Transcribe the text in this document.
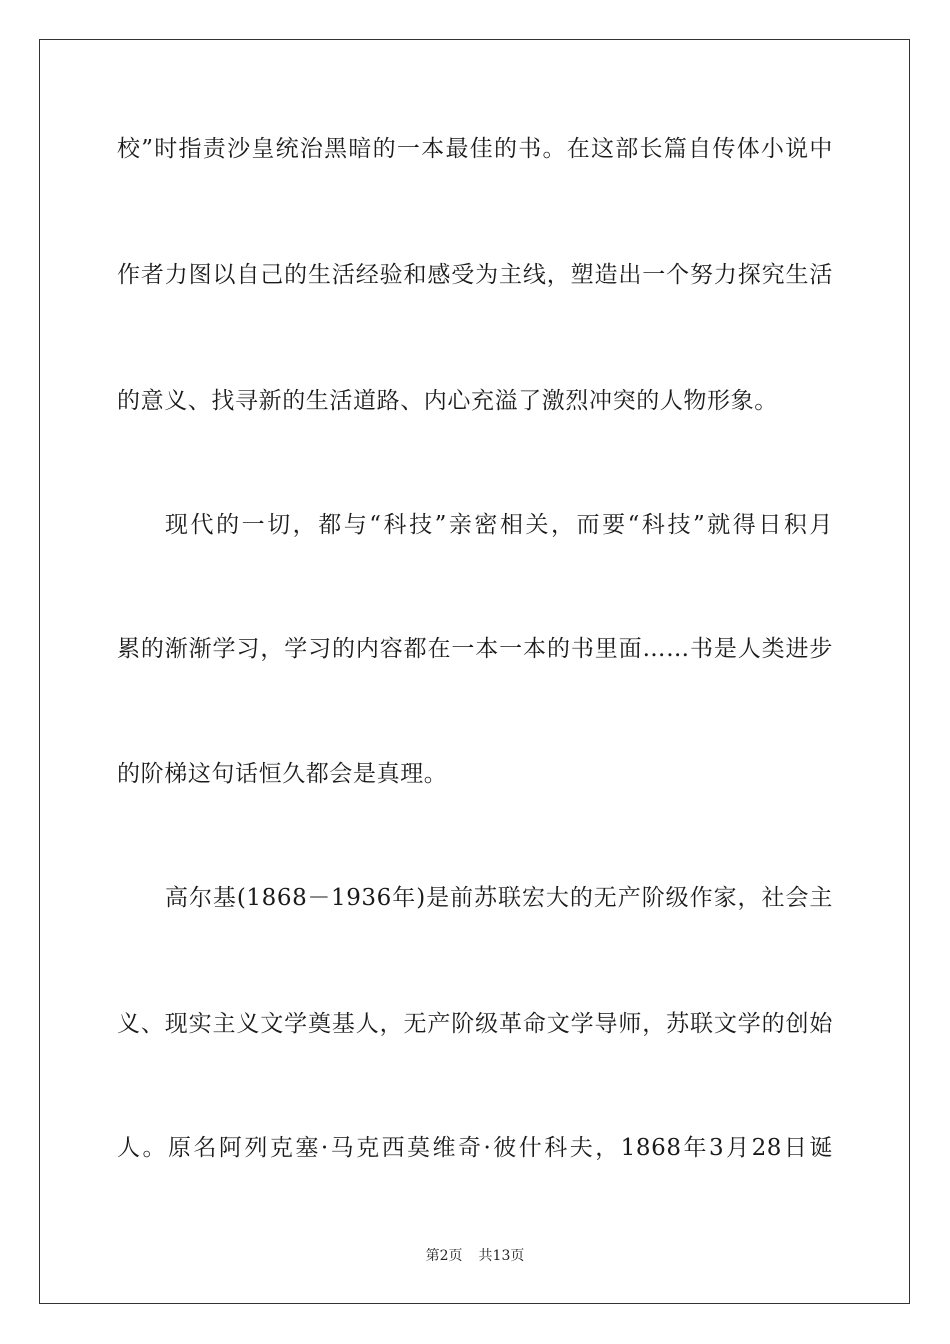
校”时指责沙皇统治黑暗的一本最佳的书。在这部长篇自传体小说中
作者力图以自己的生活经验和感受为主线，塑造出一个努力探究生活
的意义、找寻新的生活道路、内心充溢了激烈冲突的人物形象。
现代的一切，都与“科技”亲密相关，而要“科技”就得日积月
累的渐渐学习，学习的内容都在一本一本的书里面……书是人类进步
的阶梯这句话恒久都会是真理。
高尔基(1868－1936年)是前苏联宏大的无产阶级作家，社会主
义、现实主义文学奠基人，无产阶级革命文学导师，苏联文学的创始
人。原名阿列克塞·马克西莫维奇·彼什科夫，1868年3月28日诞
第2页 共13页
